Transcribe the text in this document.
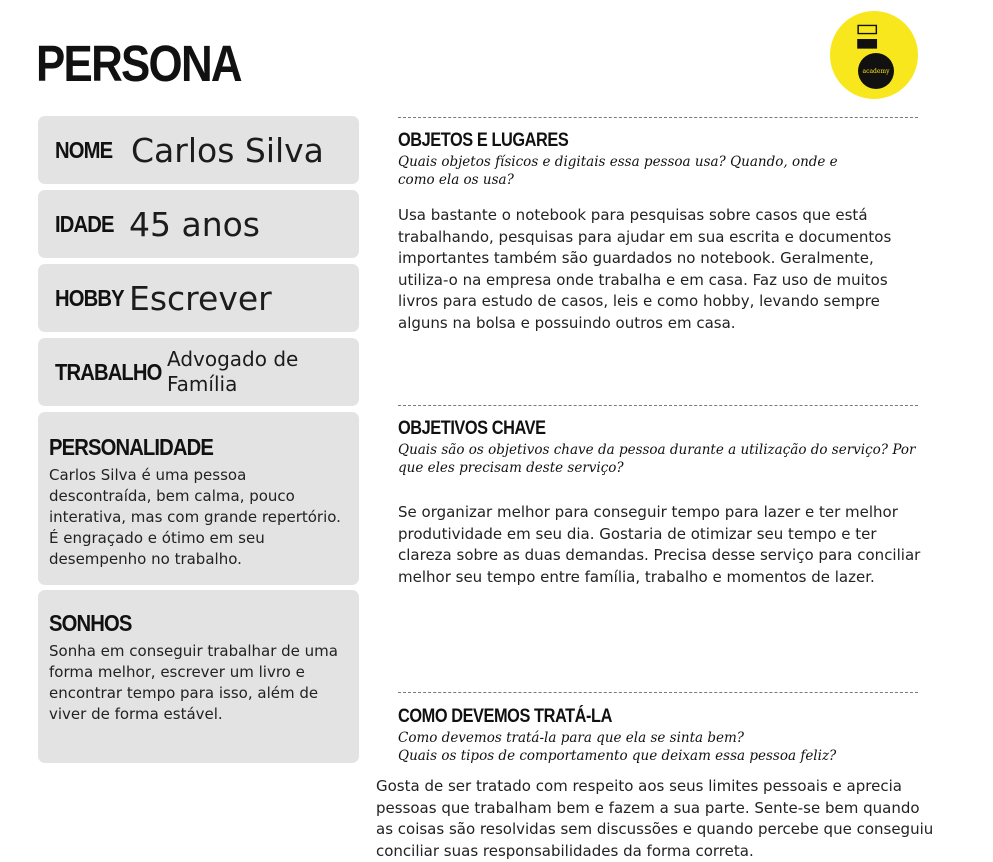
PERSONA	▮▯
academy
NOME Carlos Silva
IDADE 45 anos
HOBBY Escrever
TRABALHO Advogado de
Família
PERSONALIDADE

Carlos Silva é uma pessoa descontraída, bem calma, pouco interativa, mas com grande repertório. É engraçado e ótimo em seu desempenho no trabalho.

SONHOS

Sonha em conseguir trabalhar de uma forma melhor, escrever um livro e encontrar tempo para isso, além de viver de forma estável.

OBJETOS E LUGARES

Quais objetos físicos e digitais essa pessoa usa? Quando, onde e como ela os usa?

Usa bastante o notebook para pesquisas sobre casos que está trabalhando, pesquisas para ajudar em sua escrita e documentos importantes também são guardados no notebook. Geralmente, utiliza-o na empresa onde trabalha e em casa. Faz uso de muitos livros para estudo de casos, leis e como hobby, levando sempre alguns na bolsa e possuindo outros em casa.

OBJETIVOS CHAVE

Quais são os objetivos chave da pessoa durante a utilização do serviço? Por que eles precisam deste serviço?

Se organizar melhor para conseguir tempo para lazer e ter melhor produtividade em seu dia. Gostaria de otimizar seu tempo e ter clareza sobre as duas demandas. Precisa desse serviço para conciliar melhor seu tempo entre família, trabalho e momentos de lazer.

COMO DEVEMOS TRATÁ-LA

Como devemos tratá-la para que ela se sinta bem?
Quais os tipos de comportamento que deixam essa pessoa feliz?

Gosta de ser tratado com respeito aos seus limites pessoais e aprecia pessoas que trabalham bem e fazem a sua parte. Sente-se bem quando as coisas são resolvidas sem discussões e quando percebe que conseguiu conciliar suas responsabilidades da forma correta.
